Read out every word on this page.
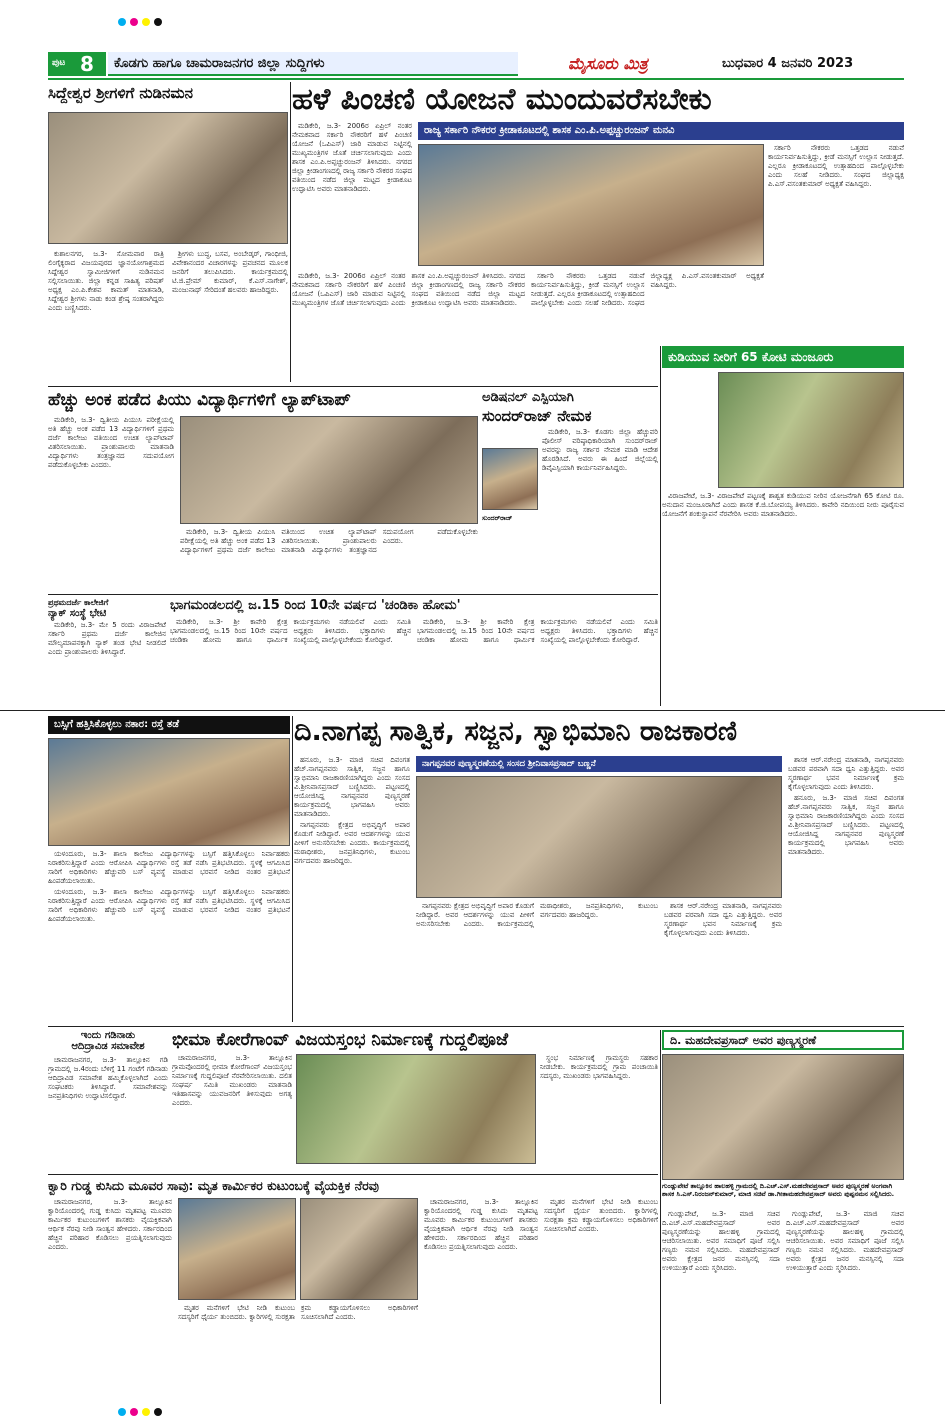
ಪುಟ 8 ಕೊಡಗು ಹಾಗೂ ಚಾಮರಾಜನಗರ ಜಿಲ್ಲಾ ಸುದ್ದಿಗಳು	ಮೈಸೂರು ಮಿತ್ರ	ಬುಧವಾರ 4 ಜನವರಿ 2023
ಸಿದ್ದೇಶ್ವರ ಶ್ರೀಗಳಿಗೆ ನುಡಿನಮನ

ಕುಶಾಲನಗರ, ಜ.3- ಸೋಮವಾರ ರಾತ್ರಿ ಲಿಂಗೈಕ್ಯರಾದ ವಿಜಯಪುರದ ಜ್ಞಾನಯೋಗಾಶ್ರಮದ ಸಿದ್ದೇಶ್ವರ ಸ್ವಾಮೀಜಿಗಳಿಗೆ ನುಡಿನಮನ ಸಲ್ಲಿಸಲಾಯಿತು. ಜಿಲ್ಲಾ ಕನ್ನಡ ಸಾಹಿತ್ಯ ಪರಿಷತ್ ಅಧ್ಯಕ್ಷ ಎಂ.ಪಿ.ಕೇಶವ ಕಾಮತ್ ಮಾತನಾಡಿ, ಸಿದ್ದೇಶ್ವರ ಶ್ರೀಗಳು ನಾಡು ಕಂಡ ಶ್ರೇಷ್ಠ ಸಂತರಾಗಿದ್ದರು ಎಂದು ಬಣ್ಣಿಸಿದರು.

ಶ್ರೀಗಳು ಬುದ್ಧ, ಬಸವ, ಅಂಬೇಡ್ಕರ್, ಗಾಂಧೀಜಿ, ವಿವೇಕಾನಂದರ ವಿಚಾರಗಳನ್ನು ಪ್ರವಚನದ ಮೂಲಕ ಜನರಿಗೆ ತಲುಪಿಸಿದರು. ಕಾರ್ಯಕ್ರಮದಲ್ಲಿ ಟಿ.ಜಿ.ಪ್ರೇಮ್ ಕುಮಾರ್, ಕೆ.ಎಸ್.ನಾಗೇಶ್, ಮಂಜುನಾಥ್ ಸೇರಿದಂತೆ ಹಲವರು ಹಾಜರಿದ್ದರು.

ಹಳೆ ಪಿಂಚಣಿ ಯೋಜನೆ ಮುಂದುವರೆಸಬೇಕು
ರಾಜ್ಯ ಸರ್ಕಾರಿ ನೌಕರರ ಕ್ರೀಡಾಕೂಟದಲ್ಲಿ ಶಾಸಕ ಎಂ.ಪಿ.ಅಪ್ಪಚ್ಚುರಂಜನ್ ಮನವಿ

ಮಡಿಕೇರಿ, ಜ.3- 2006ರ ಏಪ್ರಿಲ್ ನಂತರ ನೇಮಕವಾದ ಸರ್ಕಾರಿ ನೌಕರರಿಗೆ ಹಳೆ ಪಿಂಚಣಿ ಯೋಜನೆ (ಒಪಿಎಸ್) ಜಾರಿ ಮಾಡುವ ನಿಟ್ಟಿನಲ್ಲಿ ಮುಖ್ಯಮಂತ್ರಿಗಳ ಜೊತೆ ಚರ್ಚಿಸಲಾಗುವುದು ಎಂದು ಶಾಸಕ ಎಂ.ಪಿ.ಅಪ್ಪಚ್ಚುರಂಜನ್ ತಿಳಿಸಿದರು. ನಗರದ ಜಿಲ್ಲಾ ಕ್ರೀಡಾಂಗಣದಲ್ಲಿ ರಾಜ್ಯ ಸರ್ಕಾರಿ ನೌಕರರ ಸಂಘದ ವತಿಯಿಂದ ನಡೆದ ಜಿಲ್ಲಾ ಮಟ್ಟದ ಕ್ರೀಡಾಕೂಟ ಉದ್ಘಾಟಿಸಿ ಅವರು ಮಾತನಾಡಿದರು.

ಸರ್ಕಾರಿ ನೌಕರರು ಒತ್ತಡದ ನಡುವೆ ಕಾರ್ಯನಿರ್ವಹಿಸುತ್ತಿದ್ದು, ಕ್ರೀಡೆ ಮನಸ್ಸಿಗೆ ಉಲ್ಲಾಸ ನೀಡುತ್ತದೆ. ಎಲ್ಲರೂ ಕ್ರೀಡಾಕೂಟದಲ್ಲಿ ಉತ್ಸಾಹದಿಂದ ಪಾಲ್ಗೊಳ್ಳಬೇಕು ಎಂದು ಸಲಹೆ ನೀಡಿದರು. ಸಂಘದ ಜಿಲ್ಲಾಧ್ಯಕ್ಷ ಪಿ.ಎಸ್.ವಸಂತಕುಮಾರ್ ಅಧ್ಯಕ್ಷತೆ ವಹಿಸಿದ್ದರು.

ಮಡಿಕೇರಿ, ಜ.3- 2006ರ ಏಪ್ರಿಲ್ ನಂತರ ನೇಮಕವಾದ ಸರ್ಕಾರಿ ನೌಕರರಿಗೆ ಹಳೆ ಪಿಂಚಣಿ ಯೋಜನೆ (ಒಪಿಎಸ್) ಜಾರಿ ಮಾಡುವ ನಿಟ್ಟಿನಲ್ಲಿ ಮುಖ್ಯಮಂತ್ರಿಗಳ ಜೊತೆ ಚರ್ಚಿಸಲಾಗುವುದು ಎಂದು ಶಾಸಕ ಎಂ.ಪಿ.ಅಪ್ಪಚ್ಚುರಂಜನ್ ತಿಳಿಸಿದರು. ನಗರದ ಜಿಲ್ಲಾ ಕ್ರೀಡಾಂಗಣದಲ್ಲಿ ರಾಜ್ಯ ಸರ್ಕಾರಿ ನೌಕರರ ಸಂಘದ ವತಿಯಿಂದ ನಡೆದ ಜಿಲ್ಲಾ ಮಟ್ಟದ ಕ್ರೀಡಾಕೂಟ ಉದ್ಘಾಟಿಸಿ ಅವರು ಮಾತನಾಡಿದರು.

ಸರ್ಕಾರಿ ನೌಕರರು ಒತ್ತಡದ ನಡುವೆ ಕಾರ್ಯನಿರ್ವಹಿಸುತ್ತಿದ್ದು, ಕ್ರೀಡೆ ಮನಸ್ಸಿಗೆ ಉಲ್ಲಾಸ ನೀಡುತ್ತದೆ. ಎಲ್ಲರೂ ಕ್ರೀಡಾಕೂಟದಲ್ಲಿ ಉತ್ಸಾಹದಿಂದ ಪಾಲ್ಗೊಳ್ಳಬೇಕು ಎಂದು ಸಲಹೆ ನೀಡಿದರು. ಸಂಘದ ಜಿಲ್ಲಾಧ್ಯಕ್ಷ ಪಿ.ಎಸ್.ವಸಂತಕುಮಾರ್ ಅಧ್ಯಕ್ಷತೆ ವಹಿಸಿದ್ದರು.

ಕುಡಿಯುವ ನೀರಿಗೆ 65 ಕೋಟಿ ಮಂಜೂರು

ವಿರಾಜಪೇಟೆ, ಜ.3- ವಿರಾಜಪೇಟೆ ಪಟ್ಟಣಕ್ಕೆ ಶಾಶ್ವತ ಕುಡಿಯುವ ನೀರಿನ ಯೋಜನೆಗಾಗಿ 65 ಕೋಟಿ ರೂ. ಅನುದಾನ ಮಂಜೂರಾಗಿದೆ ಎಂದು ಶಾಸಕ ಕೆ.ಜಿ.ಬೋಪಯ್ಯ ತಿಳಿಸಿದರು. ಕಾವೇರಿ ನದಿಯಿಂದ ನೀರು ಪೂರೈಸುವ ಯೋಜನೆಗೆ ಶಂಕುಸ್ಥಾಪನೆ ನೆರವೇರಿಸಿ ಅವರು ಮಾತನಾಡಿದರು.

ಹೆಚ್ಚು ಅಂಕ ಪಡೆದ ಪಿಯು ವಿದ್ಯಾರ್ಥಿಗಳಿಗೆ ಲ್ಯಾಪ್‌ಟಾಪ್

ಮಡಿಕೇರಿ, ಜ.3- ದ್ವಿತೀಯ ಪಿಯುಸಿ ಪರೀಕ್ಷೆಯಲ್ಲಿ ಅತಿ ಹೆಚ್ಚು ಅಂಕ ಪಡೆದ 13 ವಿದ್ಯಾರ್ಥಿಗಳಿಗೆ ಪ್ರಥಮ ದರ್ಜೆ ಕಾಲೇಜು ವತಿಯಿಂದ ಉಚಿತ ಲ್ಯಾಪ್‌ಟಾಪ್ ವಿತರಿಸಲಾಯಿತು. ಪ್ರಾಂಶುಪಾಲರು ಮಾತನಾಡಿ ವಿದ್ಯಾರ್ಥಿಗಳು ತಂತ್ರಜ್ಞಾನದ ಸದುಪಯೋಗ ಪಡೆದುಕೊಳ್ಳಬೇಕು ಎಂದರು.

ಮಡಿಕೇರಿ, ಜ.3- ದ್ವಿತೀಯ ಪಿಯುಸಿ ಪರೀಕ್ಷೆಯಲ್ಲಿ ಅತಿ ಹೆಚ್ಚು ಅಂಕ ಪಡೆದ 13 ವಿದ್ಯಾರ್ಥಿಗಳಿಗೆ ಪ್ರಥಮ ದರ್ಜೆ ಕಾಲೇಜು ವತಿಯಿಂದ ಉಚಿತ ಲ್ಯಾಪ್‌ಟಾಪ್ ವಿತರಿಸಲಾಯಿತು. ಪ್ರಾಂಶುಪಾಲರು ಮಾತನಾಡಿ ವಿದ್ಯಾರ್ಥಿಗಳು ತಂತ್ರಜ್ಞಾನದ ಸದುಪಯೋಗ ಪಡೆದುಕೊಳ್ಳಬೇಕು ಎಂದರು.

ಅಡಿಷನಲ್ ಎಸ್ಪಿಯಾಗಿ
ಸುಂದರ್‌ರಾಜ್ ನೇಮಕ
ಸುಂದರ್‌ರಾಜ್

ಮಡಿಕೇರಿ, ಜ.3- ಕೊಡಗು ಜಿಲ್ಲಾ ಹೆಚ್ಚುವರಿ ಪೊಲೀಸ್ ವರಿಷ್ಠಾಧಿಕಾರಿಯಾಗಿ ಸುಂದರ್‌ರಾಜ್ ಅವರನ್ನು ರಾಜ್ಯ ಸರ್ಕಾರ ನೇಮಕ ಮಾಡಿ ಆದೇಶ ಹೊರಡಿಸಿದೆ. ಅವರು ಈ ಹಿಂದೆ ಜಿಲ್ಲೆಯಲ್ಲಿ ಡಿವೈಎಸ್ಪಿಯಾಗಿ ಕಾರ್ಯನಿರ್ವಹಿಸಿದ್ದರು.

ಪ್ರಥಮದರ್ಜೆ ಕಾಲೇಜಿಗೆ
ನ್ಯಾಕ್ ಸಂಸ್ಥೆ ಭೇಟಿ

ಮಡಿಕೇರಿ, ಜ.3- ಮೇ 5 ರಂದು ವಿರಾಜಪೇಟೆ ಸರ್ಕಾರಿ ಪ್ರಥಮ ದರ್ಜೆ ಕಾಲೇಜಿನ ಮೌಲ್ಯಮಾಪನಕ್ಕಾಗಿ ನ್ಯಾಕ್ ತಂಡ ಭೇಟಿ ನೀಡಲಿದೆ ಎಂದು ಪ್ರಾಂಶುಪಾಲರು ತಿಳಿಸಿದ್ದಾರೆ.

ಭಾಗಮಂಡಲದಲ್ಲಿ ಜ.15 ರಿಂದ 10ನೇ ವರ್ಷದ 'ಚಂಡಿಕಾ ಹೋಮ'

ಮಡಿಕೇರಿ, ಜ.3- ಶ್ರೀ ಕಾವೇರಿ ಕ್ಷೇತ್ರ ಭಾಗಮಂಡಲದಲ್ಲಿ ಜ.15 ರಿಂದ 10ನೇ ವರ್ಷದ ಚಂಡಿಕಾ ಹೋಮ ಹಾಗೂ ಧಾರ್ಮಿಕ ಕಾರ್ಯಕ್ರಮಗಳು ನಡೆಯಲಿವೆ ಎಂದು ಸಮಿತಿ ಅಧ್ಯಕ್ಷರು ತಿಳಿಸಿದರು. ಭಕ್ತಾದಿಗಳು ಹೆಚ್ಚಿನ ಸಂಖ್ಯೆಯಲ್ಲಿ ಪಾಲ್ಗೊಳ್ಳಬೇಕೆಂದು ಕೋರಿದ್ದಾರೆ.

ಮಡಿಕೇರಿ, ಜ.3- ಶ್ರೀ ಕಾವೇರಿ ಕ್ಷೇತ್ರ ಭಾಗಮಂಡಲದಲ್ಲಿ ಜ.15 ರಿಂದ 10ನೇ ವರ್ಷದ ಚಂಡಿಕಾ ಹೋಮ ಹಾಗೂ ಧಾರ್ಮಿಕ ಕಾರ್ಯಕ್ರಮಗಳು ನಡೆಯಲಿವೆ ಎಂದು ಸಮಿತಿ ಅಧ್ಯಕ್ಷರು ತಿಳಿಸಿದರು. ಭಕ್ತಾದಿಗಳು ಹೆಚ್ಚಿನ ಸಂಖ್ಯೆಯಲ್ಲಿ ಪಾಲ್ಗೊಳ್ಳಬೇಕೆಂದು ಕೋರಿದ್ದಾರೆ.

ಬಸ್ಸಿಗೆ ಹತ್ತಿಸಿಕೊಳ್ಳಲು ನಕಾರ: ರಸ್ತೆ ತಡೆ

ಯಳಂದೂರು, ಜ.3- ಶಾಲಾ ಕಾಲೇಜು ವಿದ್ಯಾರ್ಥಿಗಳನ್ನು ಬಸ್ಸಿಗೆ ಹತ್ತಿಸಿಕೊಳ್ಳಲು ನಿರ್ವಾಹಕರು ನಿರಾಕರಿಸುತ್ತಿದ್ದಾರೆ ಎಂದು ಆರೋಪಿಸಿ ವಿದ್ಯಾರ್ಥಿಗಳು ರಸ್ತೆ ತಡೆ ನಡೆಸಿ ಪ್ರತಿಭಟಿಸಿದರು. ಸ್ಥಳಕ್ಕೆ ಆಗಮಿಸಿದ ಸಾರಿಗೆ ಅಧಿಕಾರಿಗಳು ಹೆಚ್ಚುವರಿ ಬಸ್ ವ್ಯವಸ್ಥೆ ಮಾಡುವ ಭರವಸೆ ನೀಡಿದ ನಂತರ ಪ್ರತಿಭಟನೆ ಹಿಂಪಡೆಯಲಾಯಿತು.

ಯಳಂದೂರು, ಜ.3- ಶಾಲಾ ಕಾಲೇಜು ವಿದ್ಯಾರ್ಥಿಗಳನ್ನು ಬಸ್ಸಿಗೆ ಹತ್ತಿಸಿಕೊಳ್ಳಲು ನಿರ್ವಾಹಕರು ನಿರಾಕರಿಸುತ್ತಿದ್ದಾರೆ ಎಂದು ಆರೋಪಿಸಿ ವಿದ್ಯಾರ್ಥಿಗಳು ರಸ್ತೆ ತಡೆ ನಡೆಸಿ ಪ್ರತಿಭಟಿಸಿದರು. ಸ್ಥಳಕ್ಕೆ ಆಗಮಿಸಿದ ಸಾರಿಗೆ ಅಧಿಕಾರಿಗಳು ಹೆಚ್ಚುವರಿ ಬಸ್ ವ್ಯವಸ್ಥೆ ಮಾಡುವ ಭರವಸೆ ನೀಡಿದ ನಂತರ ಪ್ರತಿಭಟನೆ ಹಿಂಪಡೆಯಲಾಯಿತು.

ದಿ.ನಾಗಪ್ಪ ಸಾತ್ವಿಕ, ಸಜ್ಜನ, ಸ್ವಾಭಿಮಾನಿ ರಾಜಕಾರಣಿ

ಹನೂರು, ಜ.3- ಮಾಜಿ ಸಚಿವ ದಿವಂಗತ ಹೆಚ್.ನಾಗಪ್ಪನವರು ಸಾತ್ವಿಕ, ಸಜ್ಜನ ಹಾಗೂ ಸ್ವಾಭಿಮಾನಿ ರಾಜಕಾರಣಿಯಾಗಿದ್ದರು ಎಂದು ಸಂಸದ ವಿ.ಶ್ರೀನಿವಾಸಪ್ರಸಾದ್ ಬಣ್ಣಿಸಿದರು. ಪಟ್ಟಣದಲ್ಲಿ ಆಯೋಜಿಸಿದ್ದ ನಾಗಪ್ಪನವರ ಪುಣ್ಯಸ್ಮರಣೆ ಕಾರ್ಯಕ್ರಮದಲ್ಲಿ ಭಾಗವಹಿಸಿ ಅವರು ಮಾತನಾಡಿದರು.

ನಾಗಪ್ಪನವರು ಕ್ಷೇತ್ರದ ಅಭಿವೃದ್ಧಿಗೆ ಅಪಾರ ಕೊಡುಗೆ ನೀಡಿದ್ದಾರೆ. ಅವರ ಆದರ್ಶಗಳನ್ನು ಯುವ ಪೀಳಿಗೆ ಅನುಸರಿಸಬೇಕು ಎಂದರು. ಕಾರ್ಯಕ್ರಮದಲ್ಲಿ ಮಠಾಧೀಶರು, ಜನಪ್ರತಿನಿಧಿಗಳು, ಕುಟುಂಬ ವರ್ಗದವರು ಹಾಜರಿದ್ದರು.

ನಾಗಪ್ಪನವರ ಪುಣ್ಯಸ್ಮರಣೆಯಲ್ಲಿ ಸಂಸದ ಶ್ರೀನಿವಾಸಪ್ರಸಾದ್ ಬಣ್ಣನೆ

ನಾಗಪ್ಪನವರು ಕ್ಷೇತ್ರದ ಅಭಿವೃದ್ಧಿಗೆ ಅಪಾರ ಕೊಡುಗೆ ನೀಡಿದ್ದಾರೆ. ಅವರ ಆದರ್ಶಗಳನ್ನು ಯುವ ಪೀಳಿಗೆ ಅನುಸರಿಸಬೇಕು ಎಂದರು. ಕಾರ್ಯಕ್ರಮದಲ್ಲಿ ಮಠಾಧೀಶರು, ಜನಪ್ರತಿನಿಧಿಗಳು, ಕುಟುಂಬ ವರ್ಗದವರು ಹಾಜರಿದ್ದರು.

ಶಾಸಕ ಆರ್.ನರೇಂದ್ರ ಮಾತನಾಡಿ, ನಾಗಪ್ಪನವರು ಬಡವರ ಪರವಾಗಿ ಸದಾ ಧ್ವನಿ ಎತ್ತುತ್ತಿದ್ದರು. ಅವರ ಸ್ಮರಣಾರ್ಥ ಭವನ ನಿರ್ಮಾಣಕ್ಕೆ ಕ್ರಮ ಕೈಗೊಳ್ಳಲಾಗುವುದು ಎಂದು ತಿಳಿಸಿದರು.

ಶಾಸಕ ಆರ್.ನರೇಂದ್ರ ಮಾತನಾಡಿ, ನಾಗಪ್ಪನವರು ಬಡವರ ಪರವಾಗಿ ಸದಾ ಧ್ವನಿ ಎತ್ತುತ್ತಿದ್ದರು. ಅವರ ಸ್ಮರಣಾರ್ಥ ಭವನ ನಿರ್ಮಾಣಕ್ಕೆ ಕ್ರಮ ಕೈಗೊಳ್ಳಲಾಗುವುದು ಎಂದು ತಿಳಿಸಿದರು.

ಹನೂರು, ಜ.3- ಮಾಜಿ ಸಚಿವ ದಿವಂಗತ ಹೆಚ್.ನಾಗಪ್ಪನವರು ಸಾತ್ವಿಕ, ಸಜ್ಜನ ಹಾಗೂ ಸ್ವಾಭಿಮಾನಿ ರಾಜಕಾರಣಿಯಾಗಿದ್ದರು ಎಂದು ಸಂಸದ ವಿ.ಶ್ರೀನಿವಾಸಪ್ರಸಾದ್ ಬಣ್ಣಿಸಿದರು. ಪಟ್ಟಣದಲ್ಲಿ ಆಯೋಜಿಸಿದ್ದ ನಾಗಪ್ಪನವರ ಪುಣ್ಯಸ್ಮರಣೆ ಕಾರ್ಯಕ್ರಮದಲ್ಲಿ ಭಾಗವಹಿಸಿ ಅವರು ಮಾತನಾಡಿದರು.

ಇಂದು ಗಡಿನಾಡು
ಆದಿದ್ರಾವಿಡ ಸಮಾವೇಶ

ಚಾಮರಾಜನಗರ, ಜ.3- ತಾಲ್ಲೂಕಿನ ಗಡಿ ಗ್ರಾಮದಲ್ಲಿ ಜ.4ರಂದು ಬೆಳಿಗ್ಗೆ 11 ಗಂಟೆಗೆ ಗಡಿನಾಡು ಆದಿದ್ರಾವಿಡ ಸಮಾವೇಶ ಹಮ್ಮಿಕೊಳ್ಳಲಾಗಿದೆ ಎಂದು ಸಂಘಟಕರು ತಿಳಿಸಿದ್ದಾರೆ. ಸಮಾವೇಶವನ್ನು ಜನಪ್ರತಿನಿಧಿಗಳು ಉದ್ಘಾಟಿಸಲಿದ್ದಾರೆ.

ಭೀಮಾ ಕೋರೆಗಾಂವ್ ವಿಜಯಸ್ತಂಭ ನಿರ್ಮಾಣಕ್ಕೆ ಗುದ್ದಲಿಪೂಜೆ

ಚಾಮರಾಜನಗರ, ಜ.3- ತಾಲ್ಲೂಕಿನ ಗ್ರಾಮವೊಂದರಲ್ಲಿ ಭೀಮಾ ಕೋರೆಗಾಂವ್ ವಿಜಯಸ್ತಂಭ ನಿರ್ಮಾಣಕ್ಕೆ ಗುದ್ದಲಿಪೂಜೆ ನೆರವೇರಿಸಲಾಯಿತು. ದಲಿತ ಸಂಘರ್ಷ ಸಮಿತಿ ಮುಖಂಡರು ಮಾತನಾಡಿ ಇತಿಹಾಸವನ್ನು ಯುವಜನರಿಗೆ ತಿಳಿಸುವುದು ಅಗತ್ಯ ಎಂದರು.

ಸ್ಥಂಭ ನಿರ್ಮಾಣಕ್ಕೆ ಗ್ರಾಮಸ್ಥರು ಸಹಕಾರ ನೀಡಬೇಕು. ಕಾರ್ಯಕ್ರಮದಲ್ಲಿ ಗ್ರಾಮ ಪಂಚಾಯಿತಿ ಸದಸ್ಯರು, ಮುಖಂಡರು ಭಾಗವಹಿಸಿದ್ದರು.

ದಿ. ಮಹದೇವಪ್ರಸಾದ್ ಅವರ ಪುಣ್ಯಸ್ಮರಣೆ
ಗುಂಡ್ಲುಪೇಟೆ ತಾಲ್ಲೂಕಿನ ಹಾಲಹಳ್ಳಿ ಗ್ರಾಮದಲ್ಲಿ ದಿ.ಎಚ್.ಎಸ್.ಮಹದೇವಪ್ರಸಾದ್ ಅವರ ಪುಣ್ಯಸ್ಮರಣೆ ಅಂಗವಾಗಿ ಶಾಸಕ ಸಿ.ಎಸ್.ನಿರಂಜನ್‌ಕುಮಾರ್, ಮಾಜಿ ಸಚಿವೆ ಡಾ.ಗೀತಾಮಹದೇವಪ್ರಸಾದ್ ಅವರು ಪುಷ್ಪನಮನ ಸಲ್ಲಿಸಿದರು.

ಗುಂಡ್ಲುಪೇಟೆ, ಜ.3- ಮಾಜಿ ಸಚಿವ ದಿ.ಎಚ್.ಎಸ್.ಮಹದೇವಪ್ರಸಾದ್ ಅವರ ಪುಣ್ಯಸ್ಮರಣೆಯನ್ನು ಹಾಲಹಳ್ಳಿ ಗ್ರಾಮದಲ್ಲಿ ಆಚರಿಸಲಾಯಿತು. ಅವರ ಸಮಾಧಿಗೆ ಪೂಜೆ ಸಲ್ಲಿಸಿ ಗಣ್ಯರು ನಮನ ಸಲ್ಲಿಸಿದರು. ಮಹದೇವಪ್ರಸಾದ್ ಅವರು ಕ್ಷೇತ್ರದ ಜನರ ಮನಸ್ಸಿನಲ್ಲಿ ಸದಾ ಉಳಿಯುತ್ತಾರೆ ಎಂದು ಸ್ಮರಿಸಿದರು.

ಗುಂಡ್ಲುಪೇಟೆ, ಜ.3- ಮಾಜಿ ಸಚಿವ ದಿ.ಎಚ್.ಎಸ್.ಮಹದೇವಪ್ರಸಾದ್ ಅವರ ಪುಣ್ಯಸ್ಮರಣೆಯನ್ನು ಹಾಲಹಳ್ಳಿ ಗ್ರಾಮದಲ್ಲಿ ಆಚರಿಸಲಾಯಿತು. ಅವರ ಸಮಾಧಿಗೆ ಪೂಜೆ ಸಲ್ಲಿಸಿ ಗಣ್ಯರು ನಮನ ಸಲ್ಲಿಸಿದರು. ಮಹದೇವಪ್ರಸಾದ್ ಅವರು ಕ್ಷೇತ್ರದ ಜನರ ಮನಸ್ಸಿನಲ್ಲಿ ಸದಾ ಉಳಿಯುತ್ತಾರೆ ಎಂದು ಸ್ಮರಿಸಿದರು.

ಕ್ವಾರಿ ಗುಡ್ಡ ಕುಸಿದು ಮೂವರ ಸಾವು: ಮೃತ ಕಾರ್ಮಿಕರ ಕುಟುಂಬಕ್ಕೆ ವೈಯಕ್ತಿಕ ನೆರವು

ಚಾಮರಾಜನಗರ, ಜ.3- ತಾಲ್ಲೂಕಿನ ಕ್ವಾರಿಯೊಂದರಲ್ಲಿ ಗುಡ್ಡ ಕುಸಿದು ಮೃತಪಟ್ಟ ಮೂವರು ಕಾರ್ಮಿಕರ ಕುಟುಂಬಗಳಿಗೆ ಶಾಸಕರು ವೈಯಕ್ತಿಕವಾಗಿ ಆರ್ಥಿಕ ನೆರವು ನೀಡಿ ಸಾಂತ್ವನ ಹೇಳಿದರು. ಸರ್ಕಾರದಿಂದ ಹೆಚ್ಚಿನ ಪರಿಹಾರ ಕೊಡಿಸಲು ಪ್ರಯತ್ನಿಸಲಾಗುವುದು ಎಂದರು.

ಮೃತರ ಮನೆಗಳಿಗೆ ಭೇಟಿ ನೀಡಿ ಕುಟುಂಬ ಸದಸ್ಯರಿಗೆ ಧೈರ್ಯ ತುಂಬಿದರು. ಕ್ವಾರಿಗಳಲ್ಲಿ ಸುರಕ್ಷತಾ ಕ್ರಮ ಕಡ್ಡಾಯಗೊಳಿಸಲು ಅಧಿಕಾರಿಗಳಿಗೆ ಸೂಚಿಸಲಾಗಿದೆ ಎಂದರು.

ಚಾಮರಾಜನಗರ, ಜ.3- ತಾಲ್ಲೂಕಿನ ಕ್ವಾರಿಯೊಂದರಲ್ಲಿ ಗುಡ್ಡ ಕುಸಿದು ಮೃತಪಟ್ಟ ಮೂವರು ಕಾರ್ಮಿಕರ ಕುಟುಂಬಗಳಿಗೆ ಶಾಸಕರು ವೈಯಕ್ತಿಕವಾಗಿ ಆರ್ಥಿಕ ನೆರವು ನೀಡಿ ಸಾಂತ್ವನ ಹೇಳಿದರು. ಸರ್ಕಾರದಿಂದ ಹೆಚ್ಚಿನ ಪರಿಹಾರ ಕೊಡಿಸಲು ಪ್ರಯತ್ನಿಸಲಾಗುವುದು ಎಂದರು.

ಮೃತರ ಮನೆಗಳಿಗೆ ಭೇಟಿ ನೀಡಿ ಕುಟುಂಬ ಸದಸ್ಯರಿಗೆ ಧೈರ್ಯ ತುಂಬಿದರು. ಕ್ವಾರಿಗಳಲ್ಲಿ ಸುರಕ್ಷತಾ ಕ್ರಮ ಕಡ್ಡಾಯಗೊಳಿಸಲು ಅಧಿಕಾರಿಗಳಿಗೆ ಸೂಚಿಸಲಾಗಿದೆ ಎಂದರು.
